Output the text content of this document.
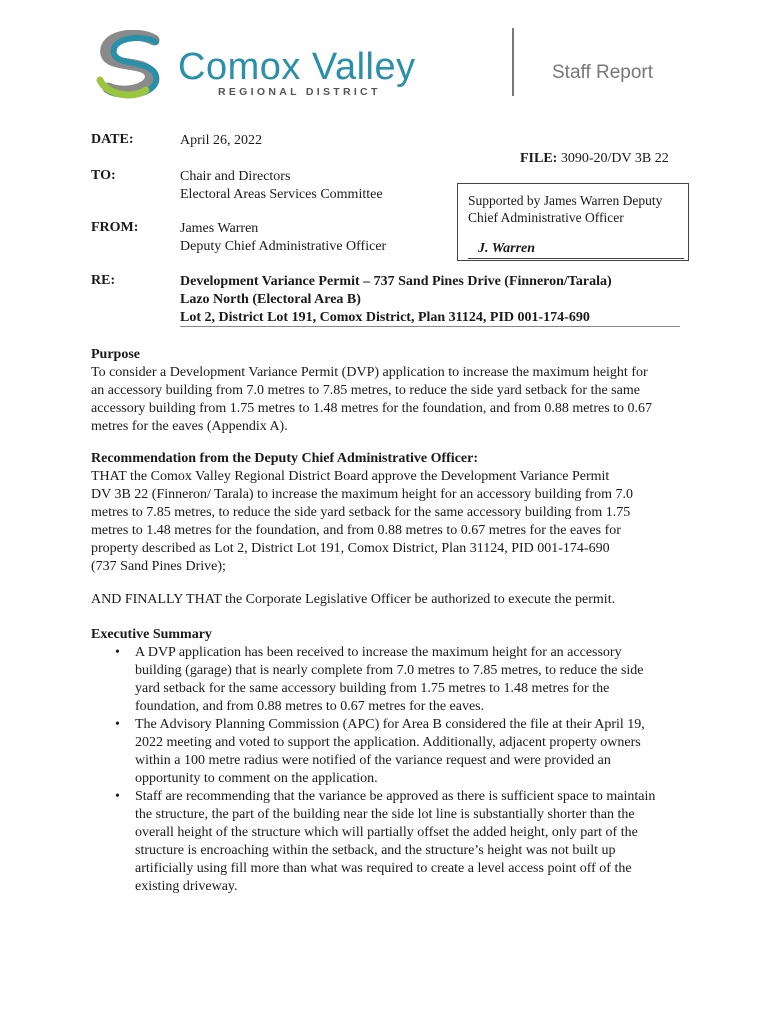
Comox Valley
REGIONAL DISTRICT
Staff Report
DATE:	April 26, 2022
FILE: 3090-20/DV 3B 22
TO:	Chair and Directors
Electoral Areas Services Committee	Supported by James Warren Deputy
Chief Administrative Officer
J. Warren
FROM:	James Warren
Deputy Chief Administrative Officer
RE:	Development Variance Permit – 737 Sand Pines Drive (Finneron/Tarala)
Lazo North (Electoral Area B)
Lot 2, District Lot 191, Comox District, Plan 31124, PID 001-174-690
Purpose
To consider a Development Variance Permit (DVP) application to increase the maximum height for
an accessory building from 7.0 metres to 7.85 metres, to reduce the side yard setback for the same
accessory building from 1.75 metres to 1.48 metres for the foundation, and from 0.88 metres to 0.67
metres for the eaves (Appendix A).
Recommendation from the Deputy Chief Administrative Officer:
THAT the Comox Valley Regional District Board approve the Development Variance Permit
DV 3B 22 (Finneron/ Tarala) to increase the maximum height for an accessory building from 7.0
metres to 7.85 metres, to reduce the side yard setback for the same accessory building from 1.75
metres to 1.48 metres for the foundation, and from 0.88 metres to 0.67 metres for the eaves for
property described as Lot 2, District Lot 191, Comox District, Plan 31124, PID 001-174-690
(737 Sand Pines Drive);
AND FINALLY THAT the Corporate Legislative Officer be authorized to execute the permit.
Executive Summary
• A DVP application has been received to increase the maximum height for an accessory
building (garage) that is nearly complete from 7.0 metres to 7.85 metres, to reduce the side
yard setback for the same accessory building from 1.75 metres to 1.48 metres for the
foundation, and from 0.88 metres to 0.67 metres for the eaves.
• The Advisory Planning Commission (APC) for Area B considered the file at their April 19,
2022 meeting and voted to support the application. Additionally, adjacent property owners
within a 100 metre radius were notified of the variance request and were provided an
opportunity to comment on the application.
• Staff are recommending that the variance be approved as there is sufficient space to maintain
the structure, the part of the building near the side lot line is substantially shorter than the
overall height of the structure which will partially offset the added height, only part of the
structure is encroaching within the setback, and the structure’s height was not built up
artificially using fill more than what was required to create a level access point off of the
existing driveway.
